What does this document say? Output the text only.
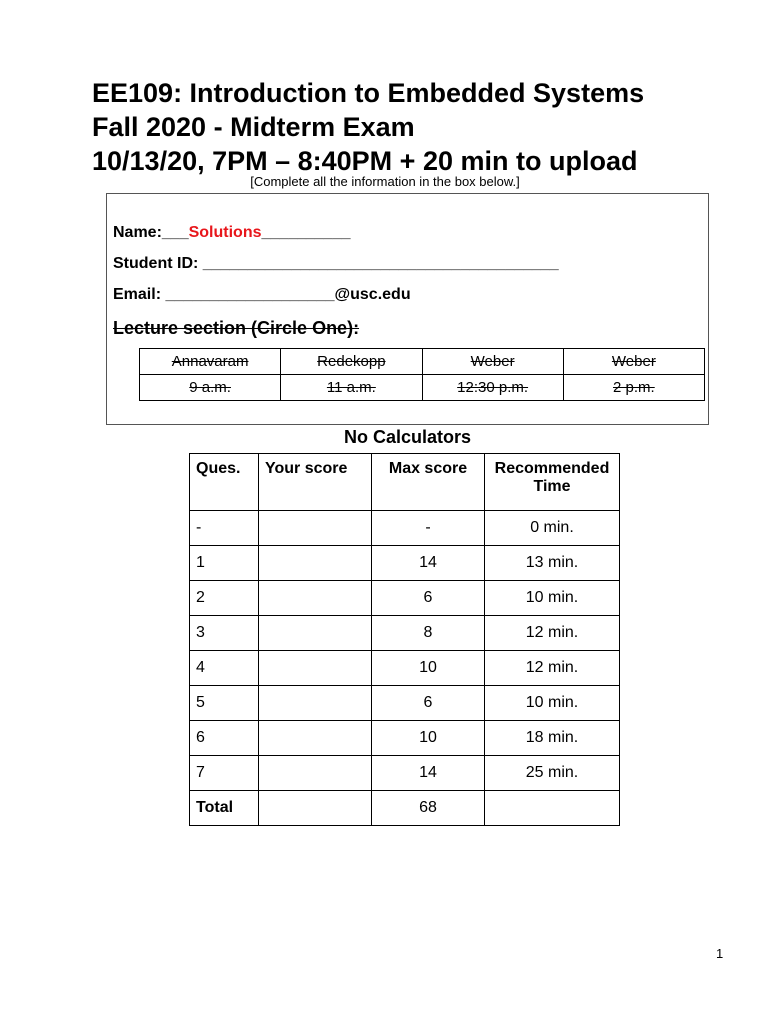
EE109: Introduction to Embedded Systems
Fall 2020 - Midterm Exam
10/13/20, 7PM – 8:40PM + 20 min to upload
[Complete all the information in the box below.]
Name:___Solutions__________
Student ID: ________________________________________
Email: ___________________@usc.edu
Lecture section (Circle One):
Annavaram	Redekopp	Weber	Weber
9 a.m.	11 a.m.	12:30 p.m.	2 p.m.
No Calculators
Ques.	Your score	Max score	Recommended Time
-		-	0 min.
1		14	13 min.
2		6	10 min.
3		8	12 min.
4		10	12 min.
5		6	10 min.
6		10	18 min.
7		14	25 min.
Total		68	
1
